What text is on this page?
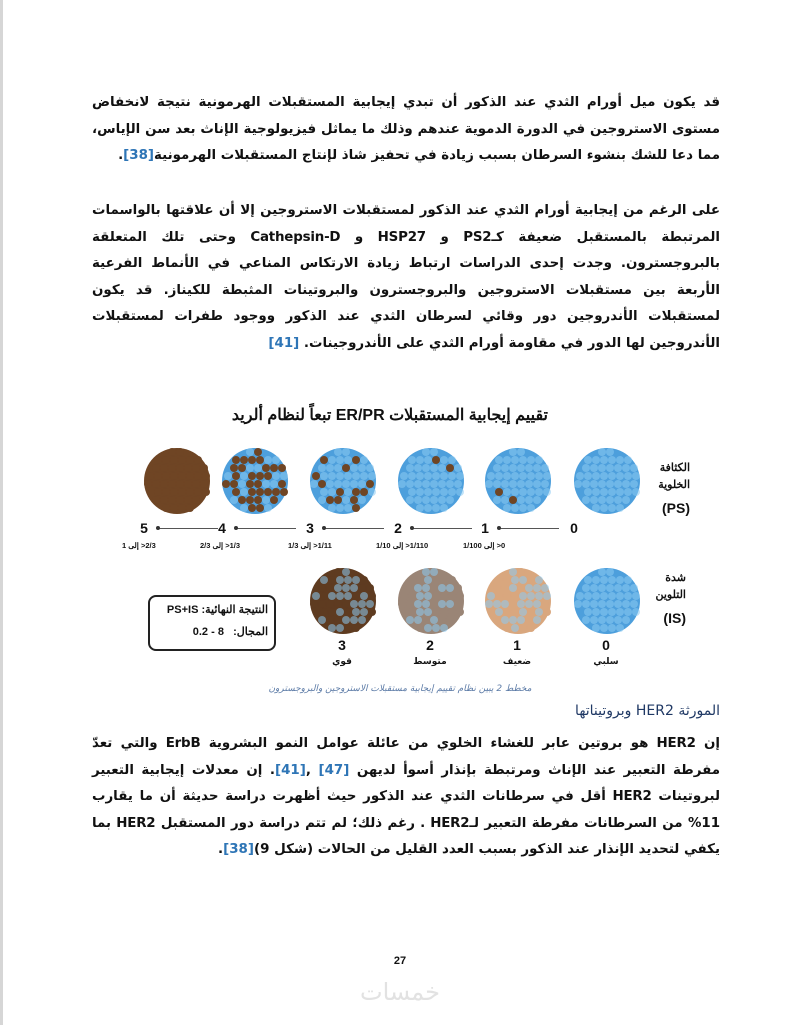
قد يكون ميل أورام الثدي عند الذكور أن تبدي إيجابية المستقبلات الهرمونية نتيجة لانخفاض مستوى الاستروجين في الدورة الدموية عندهم وذلك ما يماثل فيزيولوجية الإناث بعد سن الإياس، مما دعا للشك بنشوء السرطان بسبب زيادة في تحفيز شاذ لإنتاج المستقبلات الهرمونية[38].
على الرغم من إيجابية أورام الثدي عند الذكور لمستقبلات الاستروجين إلا أن علاقتها بالواسمات المرتبطة بالمستقبل ضعيفة كـPS2 و HSP27 و Cathepsin-D وحتى تلك المتعلقة بالبروجسترون. وجدت إحدى الدراسات ارتباط زيادة الارتكاس المناعي في الأنماط الفرعية الأربعة بين مستقبلات الاستروجين والبروجسترون والبروتينات المثبطة للكيناز. قد يكون لمستقبلات الأندروجين دور وقائي لسرطان الثدي عند الذكور ووجود طفرات لمستقبلات الأندروجين لها الدور في مقاومة أورام الثدي على الأندروجينات. [41]
تقييم إيجابية المستقبلات ER/PR تبعاً لنظام ألريد
الكثافة
الخلوية
(PS)
0
1
0< إلى 1/100
2
1/110< إلى 1/10
3
1/11< إلى 1/3
4
1/3< إلى 2/3
5
2/3< إلى 1
شدة
التلوين
(IS)
0
سلبي
1
ضعيف
2
متوسط
3
قوي
النتيجة النهائية: PS+IS
المجال:   8 - 0.2
مخطط 2 يبين نظام تقييم إيجابية مستقبلات الاستروجين والبروجسترون
المورثة HER2 وبروتيناتها
إن HER2 هو بروتين عابر للغشاء الخلوي من عائلة عوامل النمو البشروية ErbB والتي تعدّ مفرطة التعبير عند الإناث ومرتبطة بإنذار أسوأ لديهن [47] ,[41]. إن معدلات إيجابية التعبير لبروتينات HER2 أقل في سرطانات الثدي عند الذكور حيث أظهرت دراسة حديثة أن ما يقارب 11% من السرطانات مفرطة التعبير لـHER2 . رغم ذلك؛ لم تتم دراسة دور المستقبل HER2 بما يكفي لتحديد الإنذار عند الذكور بسبب العدد القليل من الحالات (شكل 9)[38].
27
خمسات
